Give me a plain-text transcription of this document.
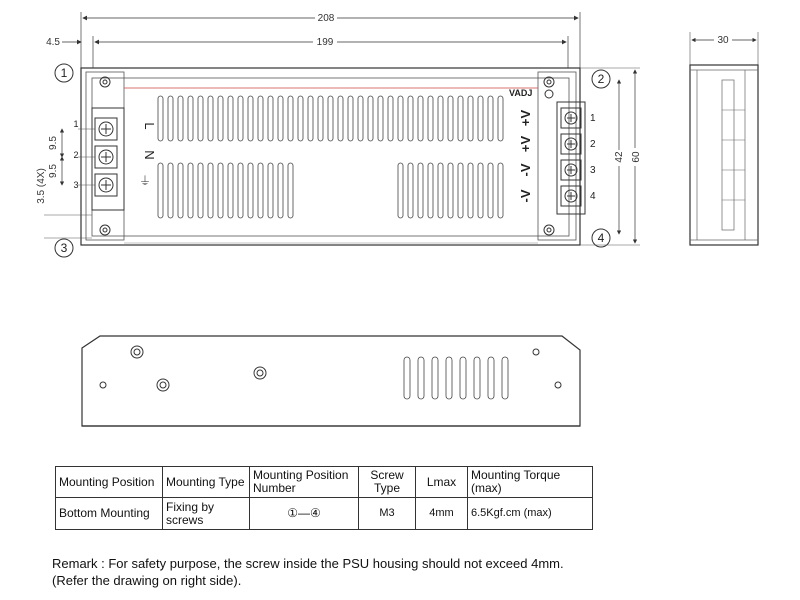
208
199
4.5
1	2
3
4
1
2
3
L
N
⏚
9.5
9.5
3.5 (4X)
1
2
3
4
-V
-V
+V
+V
VADJ
60
42
30
Mounting Position	Mounting Type	Mounting Position Number	Screw Type	Lmax	Mounting Torque (max)
Bottom Mounting	Fixing by screws	①—④	M3	4mm	6.5Kgf.cm (max)
Remark : For safety purpose, the screw inside the PSU housing should not exceed 4mm.
(Refer the drawing on right side).
